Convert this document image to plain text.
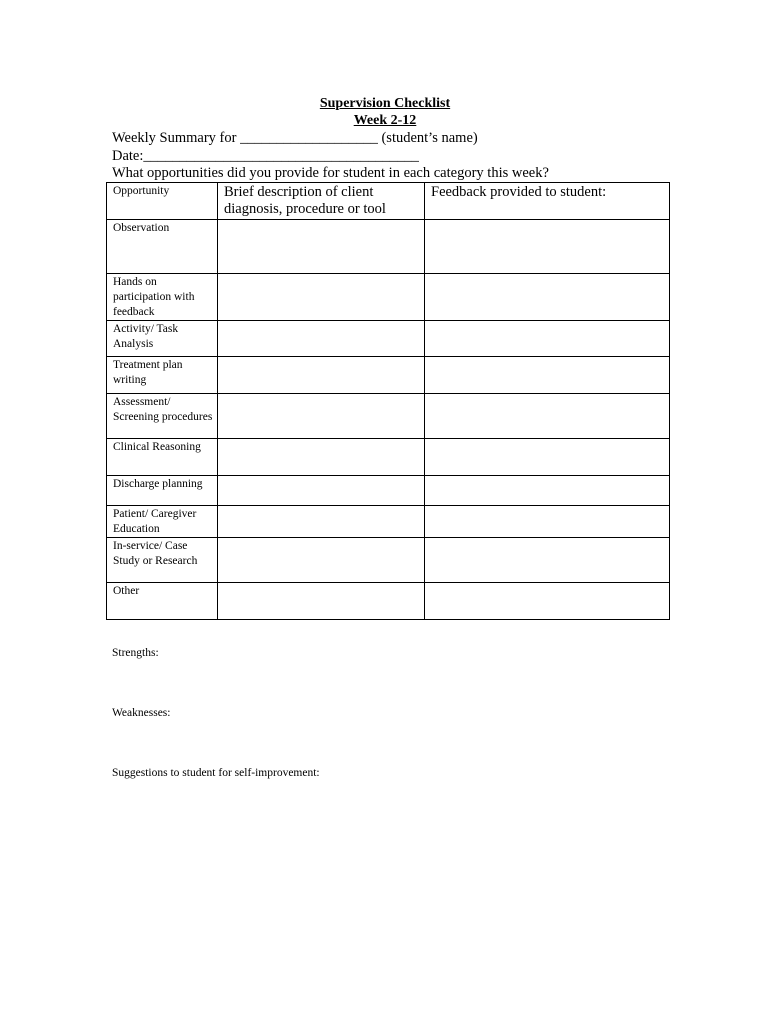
Supervision Checklist
Week 2-12
Weekly Summary for ___________________ (student’s name)
Date:______________________________________
What opportunities did you provide for student in each category this week?
Opportunity	Brief description of client diagnosis, procedure or tool	Feedback provided to student:
Observation		
Hands on participation with feedback		
Activity/ Task Analysis		
Treatment plan writing		
Assessment/ Screening procedures		
Clinical Reasoning		
Discharge planning		
Patient/ Caregiver Education		
In-service/ Case Study or Research		
Other		
Strengths:
Weaknesses:
Suggestions to student for self-improvement:
